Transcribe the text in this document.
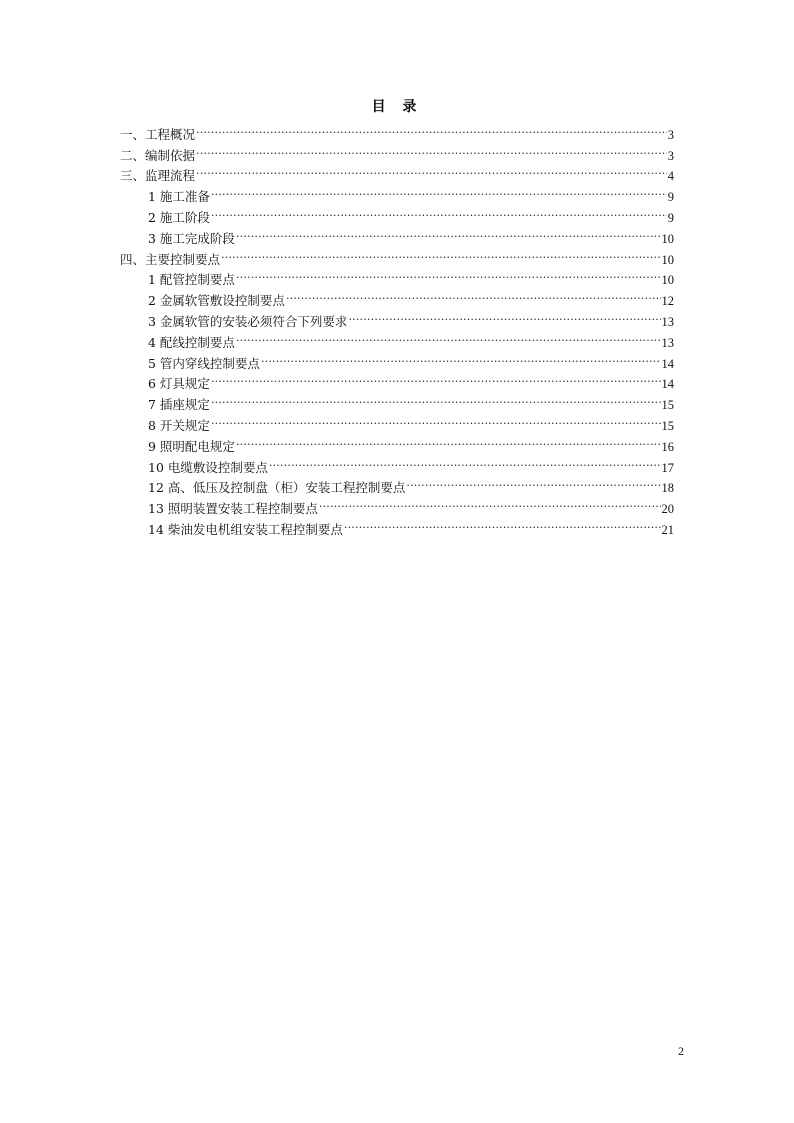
目 录
一、工程概况 .....	3
二、编制依据 .....	3
三、监理流程 .....	4
1 施工准备 .....	9
2 施工阶段 .....	9
3 施工完成阶段 .....	10
四、主要控制要点 .....	10
1 配管控制要点 .....	10
2 金属软管敷设控制要点 .....	12
3 金属软管的安装必须符合下列要求 .....	13
4 配线控制要点 .....	13
5 管内穿线控制要点 .....	14
6 灯具规定 .....	14
7 插座规定 .....	15
8 开关规定 .....	15
9 照明配电规定 .....	16
10 电缆敷设控制要点 .....	17
12 高、低压及控制盘（柜）安装工程控制要点 .....	18
13 照明装置安装工程控制要点 .....	20
14 柴油发电机组安装工程控制要点 .....	21
2
